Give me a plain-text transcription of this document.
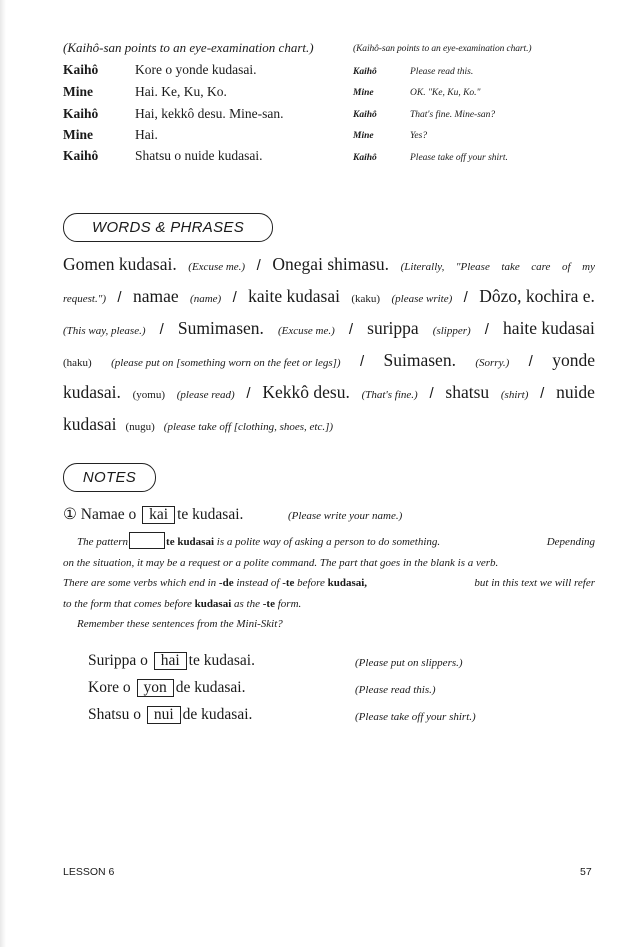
(Kaihô-san points to an eye-examination chart.)
Kaihô	Kore o yonde kudasai.
Mine	Hai. Ke, Ku, Ko.
Kaihô	Hai, kekkô desu. Mine-san.
Mine	Hai.
Kaihô	Shatsu o nuide kudasai.
(Kaihô-san points to an eye-examination chart.)
Kaihô	Please read this.
Mine	OK. "Ke, Ku, Ko."
Kaihô	That's fine. Mine-san?
Mine	Yes?
Kaihô	Please take off your shirt.
WORDS & PHRASES
Gomen kudasai. (Excuse me.) / Onegai shimasu. (Literally, "Please take care of my
request.") / namae (name) / kaite kudasai (kaku) (please write) / Dôzo, kochira e.
(This way, please.) / Sumimasen. (Excuse me.) / surippa (slipper) / haite kudasai
(haku) (please put on [something worn on the feet or legs]) / Suimasen. (Sorry.) / yonde
kudasai. (yomu) (please read) / Kekkô desu. (That's fine.) / shatsu (shirt) / nuide
kudasai (nugu) (please take off [clothing, shoes, etc.])
NOTES
① Namae o kai te kudasai.	(Please write your name.)
The pattern	te kudasai is a polite way of asking a person to do something.	Depending
on the situation, it may be a request or a polite command. The part that goes in the blank is a verb.
There are some verbs which end in -de instead of -te before kudasai,	but in this text we will refer
to the form that comes before kudasai as the -te form.
Remember these sentences from the Mini-Skit?
Surippa o hai te kudasai.	(Please put on slippers.)
Kore o yon de kudasai.	(Please read this.)
Shatsu o nui de kudasai.	(Please take off your shirt.)
LESSON 6	57
